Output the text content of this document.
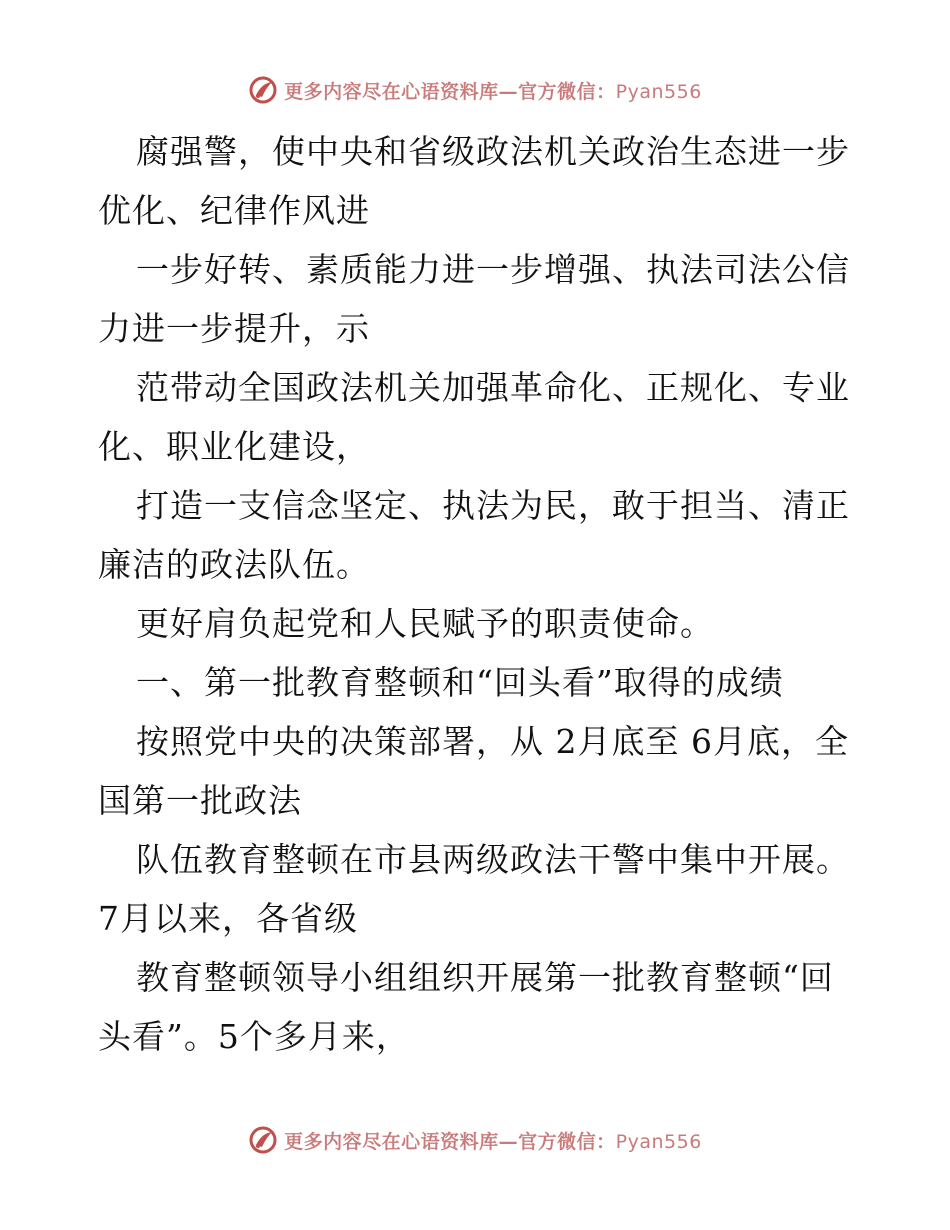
更多内容尽在心语资料库—官方微信：Pyan556

腐强警，使中央和省级政法机关政治生态进一步优化、纪律作风进

一步好转、素质能力进一步增强、执法司法公信力进一步提升，示

范带动全国政法机关加强革命化、正规化、专业化、职业化建设，

打造一支信念坚定、执法为民，敢于担当、清正廉洁的政法队伍。

更好肩负起党和人民赋予的职责使命。

一、第一批教育整顿和“回头看”取得的成绩

按照党中央的决策部署，从 2月底至 6月底，全国第一批政法

队伍教育整顿在市县两级政法干警中集中开展。7月以来，各省级

教育整顿领导小组组织开展第一批教育整顿“回头看”。5个多月来，

更多内容尽在心语资料库—官方微信：Pyan556
